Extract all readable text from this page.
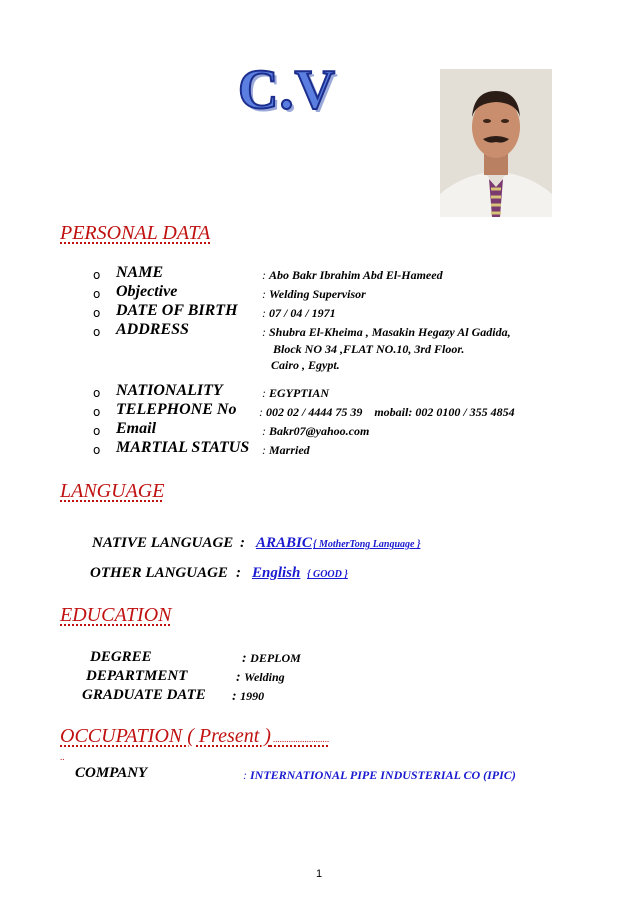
C.V
PERSONAL DATA
o NAME	: Abo Bakr Ibrahim Abd El-Hameed
o Objective	: Welding Supervisor
o DATE OF BIRTH : 07 / 04 / 1971
o ADDRESS	: Shubra El-Kheima , Masakin Hegazy Al Gadida,
Block NO 34 ,FLAT NO.10, 3rd Floor.
Cairo , Egypt.
o NATIONALITY	: EGYPTIAN
o TELEPHONE No : 002 02 / 4444 75 39    mobail: 002 0100 / 355 4854
o Email	: Bakr07@yahoo.com
o MARTIAL STATUS : Married
LANGUAGE
NATIVE LANGUAGE : ARABIC { MotherTong Language }
OTHER LANGUAGE : English { GOOD }
EDUCATION
DEGREE	: DEPLOM
DEPARTMENT	: Welding
GRADUATE DATE : 1990
OCCUPATION ( Present ) .........................
..
COMPANY	: INTERNATIONAL PIPE INDUSTERIAL CO (IPIC)
1
